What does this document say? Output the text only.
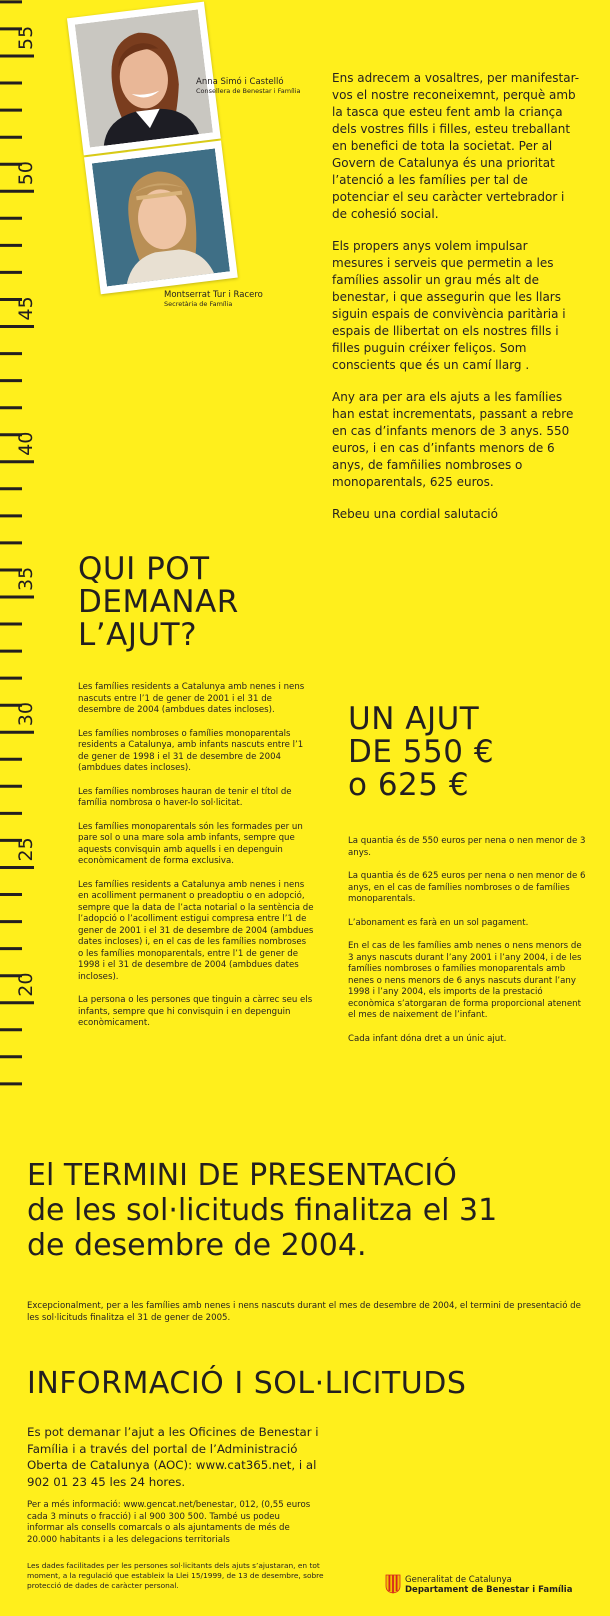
55
50
45
40
35
30
25
20
Anna Simó i Castelló
Consellera de Benestar i Família
Montserrat Tur i Racero
Secretària de Família

Ens adrecem a vosaltres, per manifestar-vos el nostre reconeixemnt, perquè amb la tasca que esteu fent amb la criança dels vostres fills i filles, esteu treballant en benefici de tota la societat. Per al Govern de Catalunya és una prioritat l’atenció a les famílies per tal de potenciar el seu caràcter vertebrador i de cohesió social.

Els propers anys volem impulsar mesures i serveis que permetin a les famílies assolir un grau més alt de benestar, i que assegurin que les llars siguin espais de convivència paritària i espais de llibertat on els nostres fills i filles puguin créixer feliços. Som conscients que és un camí llarg .

Any ara per ara els ajuts a les famílies han estat incrementats, passant a rebre en cas d’infants menors de 3 anys. 550 euros, i en cas d’infants menors de 6 anys, de famñilies nombroses o monoparentals, 625 euros.

Rebeu una cordial salutació

QUI POT
DEMANAR
L’AJUT?

Les famílies residents a Catalunya amb nenes i nens nascuts entre l’1 de gener de 2001 i el 31 de desembre de 2004 (ambdues dates incloses).

Les famílies nombroses o famílies monoparentals residents a Catalunya, amb infants nascuts entre l’1 de gener de 1998 i el 31 de desembre de 2004 (ambdues dates incloses).

Les famílies nombroses hauran de tenir el títol de família nombrosa o haver-lo sol·licitat.

Les famílies monoparentals són les formades per un pare sol o una mare sola amb infants, sempre que aquests convisquin amb aquells i en depenguin econòmicament de forma exclusiva.

Les famílies residents a Catalunya amb nenes i nens en acolliment permanent o preadoptiu o en adopció, sempre que la data de l’acta notarial o la sentència de l’adopció o l’acolliment estigui compresa entre l’1 de gener de 2001 i el 31 de desembre de 2004 (ambdues dates incloses) i, en el cas de les famílies nombroses o les famílies monoparentals, entre l’1 de gener de 1998 i el 31 de desembre de 2004 (ambdues dates incloses).

La persona o les persones que tinguin a càrrec seu els infants, sempre que hi convisquin i en depenguin econòmicament.

UN AJUT
DE 550 €
o 625 €

La quantia és de 550 euros per nena o nen menor de 3 anys.

La quantia és de 625 euros per nena o nen menor de 6 anys, en el cas de famílies nombroses o de famílies monoparentals.

L’abonament es farà en un sol pagament.

En el cas de les famílies amb nenes o nens menors de 3 anys nascuts durant l’any 2001 i l’any 2004, i de les famílies nombroses o famílies monoparentals amb nenes o nens menors de 6 anys nascuts durant l’any 1998 i l’any 2004, els imports de la prestació econòmica s’atorgaran de forma proporcional atenent el mes de naixement de l’infant.

Cada infant dóna dret a un únic ajut.

El TERMINI DE PRESENTACIÓ
de les sol·licituds finalitza el 31
de desembre de 2004.
Excepcionalment, per a les famílies amb nenes i nens nascuts durant el mes de desembre de 2004, el termini de presentació de les sol·licituds finalitza el 31 de gener de 2005.
INFORMACIÓ I SOL·LICITUDS
Es pot demanar l’ajut a les Oficines de Benestar i Família i a través del portal de l’Administració Oberta de Catalunya (AOC): www.cat365.net, i al 902 01 23 45 les 24 hores.
Per a més informació: www.gencat.net/benestar, 012, (0,55 euros cada 3 minuts o fracció) i al 900 300 500. També us podeu informar als consells comarcals o als ajuntaments de més de 20.000 habitants i a les delegacions territorials
Les dades facilitades per les persones sol·licitants dels ajuts s’ajustaran, en tot moment, a la regulació que estableix la Llei 15/1999, de 13 de desembre, sobre protecció de dades de caràcter personal.
Generalitat de Catalunya
Departament de Benestar i Família
